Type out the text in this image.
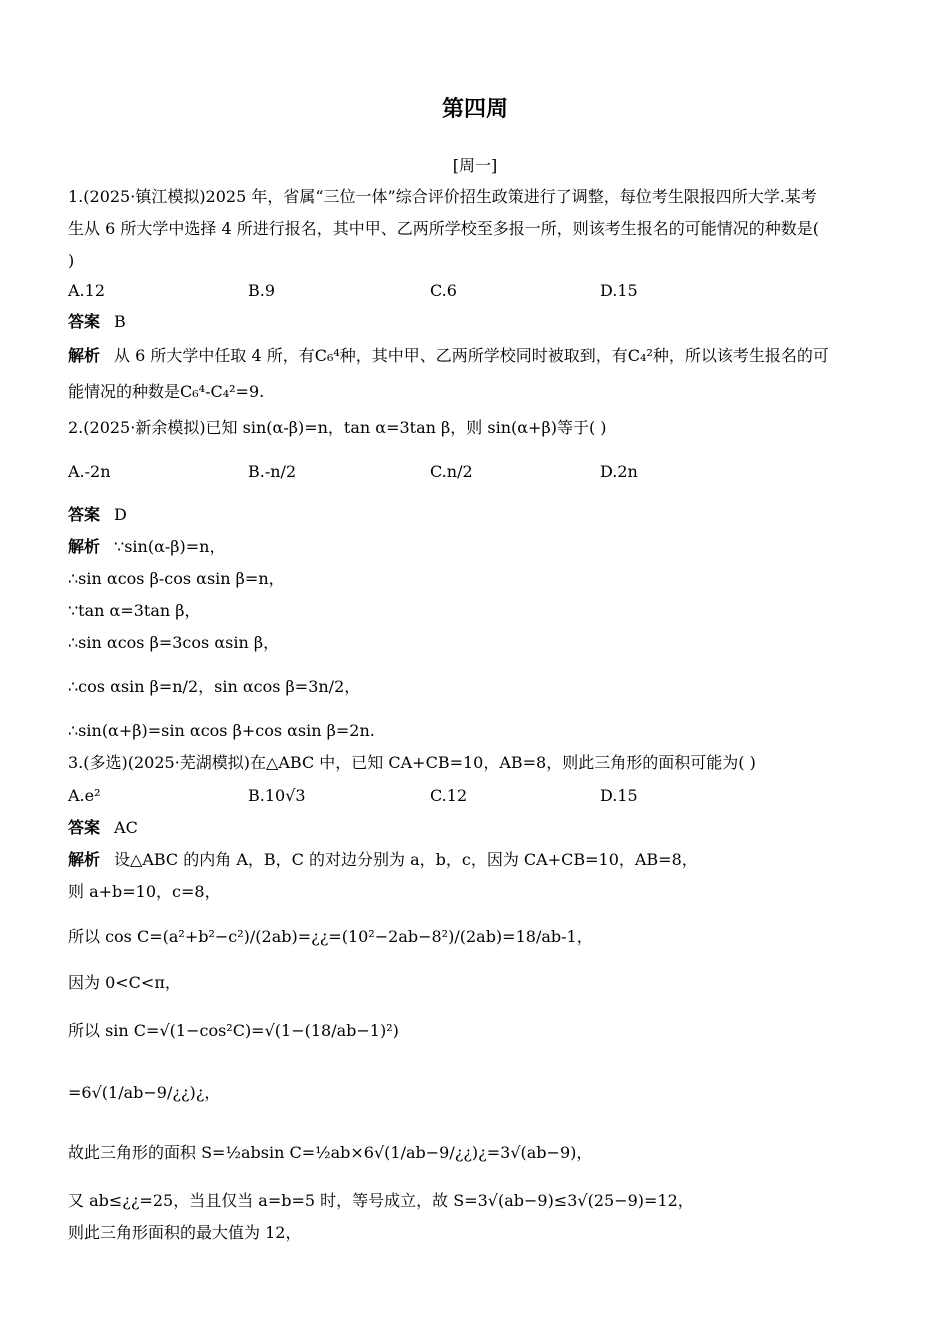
第四周
[周一]
1.(2025·镇江模拟)2025 年，省属“三位一体”综合评价招生政策进行了调整，每位考生限报四所大学.某考
生从 6 所大学中选择 4 所进行报名，其中甲、乙两所学校至多报一所，则该考生报名的可能情况的种数是(
)
A.12	B.9	C.6	D.15
答案 B
解析 从 6 所大学中任取 4 所，有C₆⁴种，其中甲、乙两所学校同时被取到，有C₄²种，所以该考生报名的可
能情况的种数是C₆⁴-C₄²=9.
2.(2025·新余模拟)已知 sin(α-β)=n，tan α=3tan β，则 sin(α+β)等于( )
A.-2n	B.-n/2	C.n/2	D.2n
答案 D
解析 ∵sin(α-β)=n，
∴sin αcos β-cos αsin β=n，
∵tan α=3tan β，
∴sin αcos β=3cos αsin β，
∴cos αsin β=n/2，sin αcos β=3n/2，
∴sin(α+β)=sin αcos β+cos αsin β=2n.
3.(多选)(2025·芜湖模拟)在△ABC 中，已知 CA+CB=10，AB=8，则此三角形的面积可能为( )
A.e²	B.10√3	C.12	D.15
答案 AC
解析 设△ABC 的内角 A，B，C 的对边分别为 a，b，c，因为 CA+CB=10，AB=8，
则 a+b=10，c=8，
所以 cos C=(a²+b²−c²)/(2ab)=¿¿=(10²−2ab−8²)/(2ab)=18/ab-1，
因为 0<C<π，
所以 sin C=√(1−cos²C)=√(1−(18/ab−1)²)
=6√(1/ab−9/¿¿)¿，
故此三角形的面积 S=½absin C=½ab×6√(1/ab−9/¿¿)¿=3√(ab−9)，
又 ab≤¿¿=25，当且仅当 a=b=5 时，等号成立，故 S=3√(ab−9)≤3√(25−9)=12，
则此三角形面积的最大值为 12，
